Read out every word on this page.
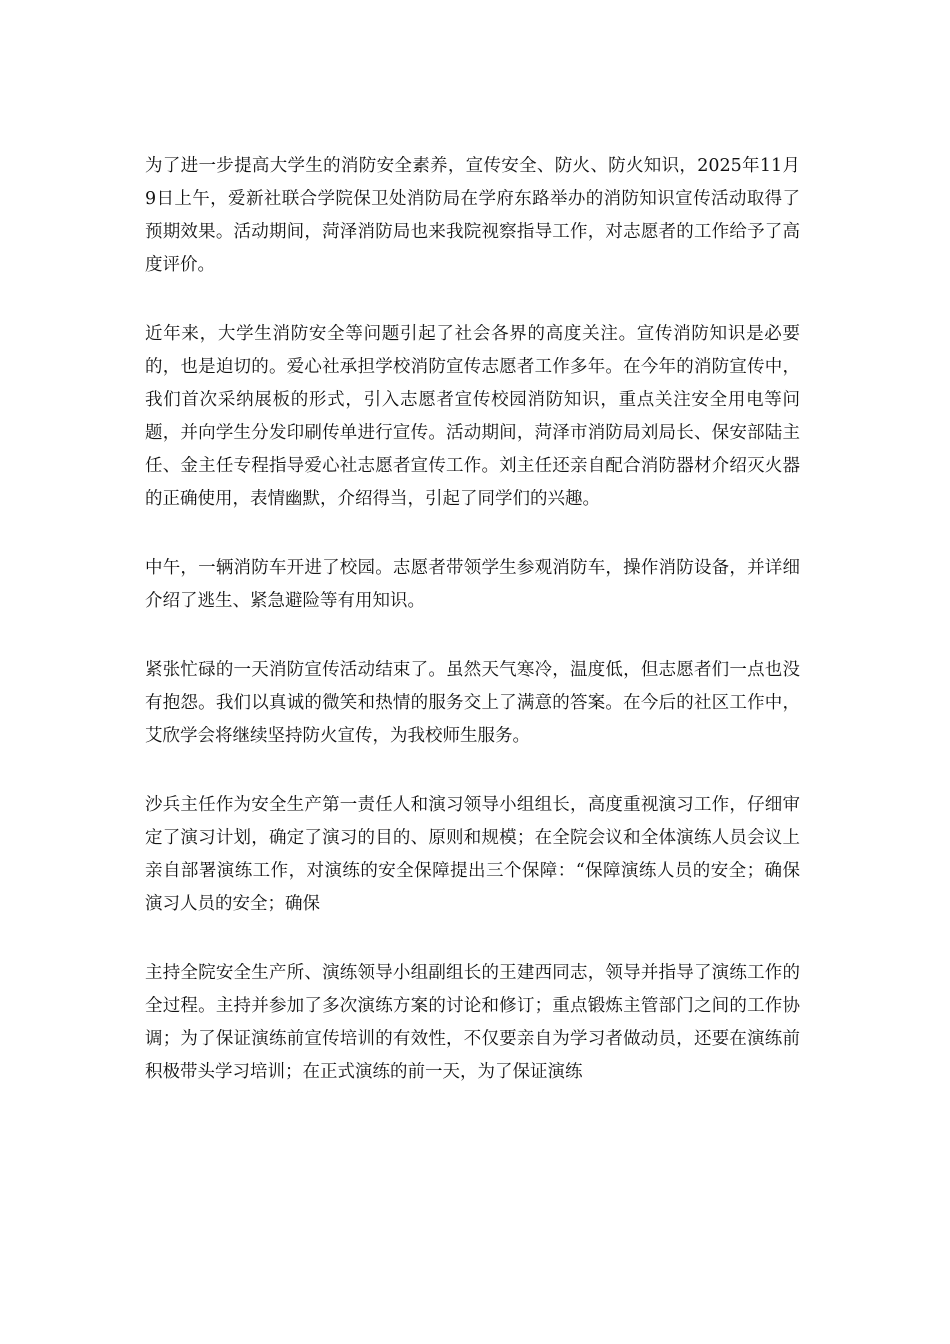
为了进一步提高大学生的消防安全素养，宣传安全、防火、防火知识，2025年11月9日上午，爱新社联合学院保卫处消防局在学府东路举办的消防知识宣传活动取得了预期效果。活动期间，菏泽消防局也来我院视察指导工作，对志愿者的工作给予了高度评价。

近年来，大学生消防安全等问题引起了社会各界的高度关注。宣传消防知识是必要的，也是迫切的。爱心社承担学校消防宣传志愿者工作多年。在今年的消防宣传中，我们首次采纳展板的形式，引入志愿者宣传校园消防知识，重点关注安全用电等问题，并向学生分发印刷传单进行宣传。活动期间，菏泽市消防局刘局长、保安部陆主任、金主任专程指导爱心社志愿者宣传工作。刘主任还亲自配合消防器材介绍灭火器的正确使用，表情幽默，介绍得当，引起了同学们的兴趣。

中午，一辆消防车开进了校园。志愿者带领学生参观消防车，操作消防设备，并详细介绍了逃生、紧急避险等有用知识。

紧张忙碌的一天消防宣传活动结束了。虽然天气寒冷，温度低，但志愿者们一点也没有抱怨。我们以真诚的微笑和热情的服务交上了满意的答案。在今后的社区工作中，艾欣学会将继续坚持防火宣传，为我校师生服务。

沙兵主任作为安全生产第一责任人和演习领导小组组长，高度重视演习工作，仔细审定了演习计划，确定了演习的目的、原则和规模；在全院会议和全体演练人员会议上亲自部署演练工作，对演练的安全保障提出三个保障：“保障演练人员的安全；确保演习人员的安全；确保

主持全院安全生产所、演练领导小组副组长的王建西同志，领导并指导了演练工作的全过程。主持并参加了多次演练方案的讨论和修订；重点锻炼主管部门之间的工作协调；为了保证演练前宣传培训的有效性，不仅要亲自为学习者做动员，还要在演练前积极带头学习培训；在正式演练的前一天，为了保证演练
